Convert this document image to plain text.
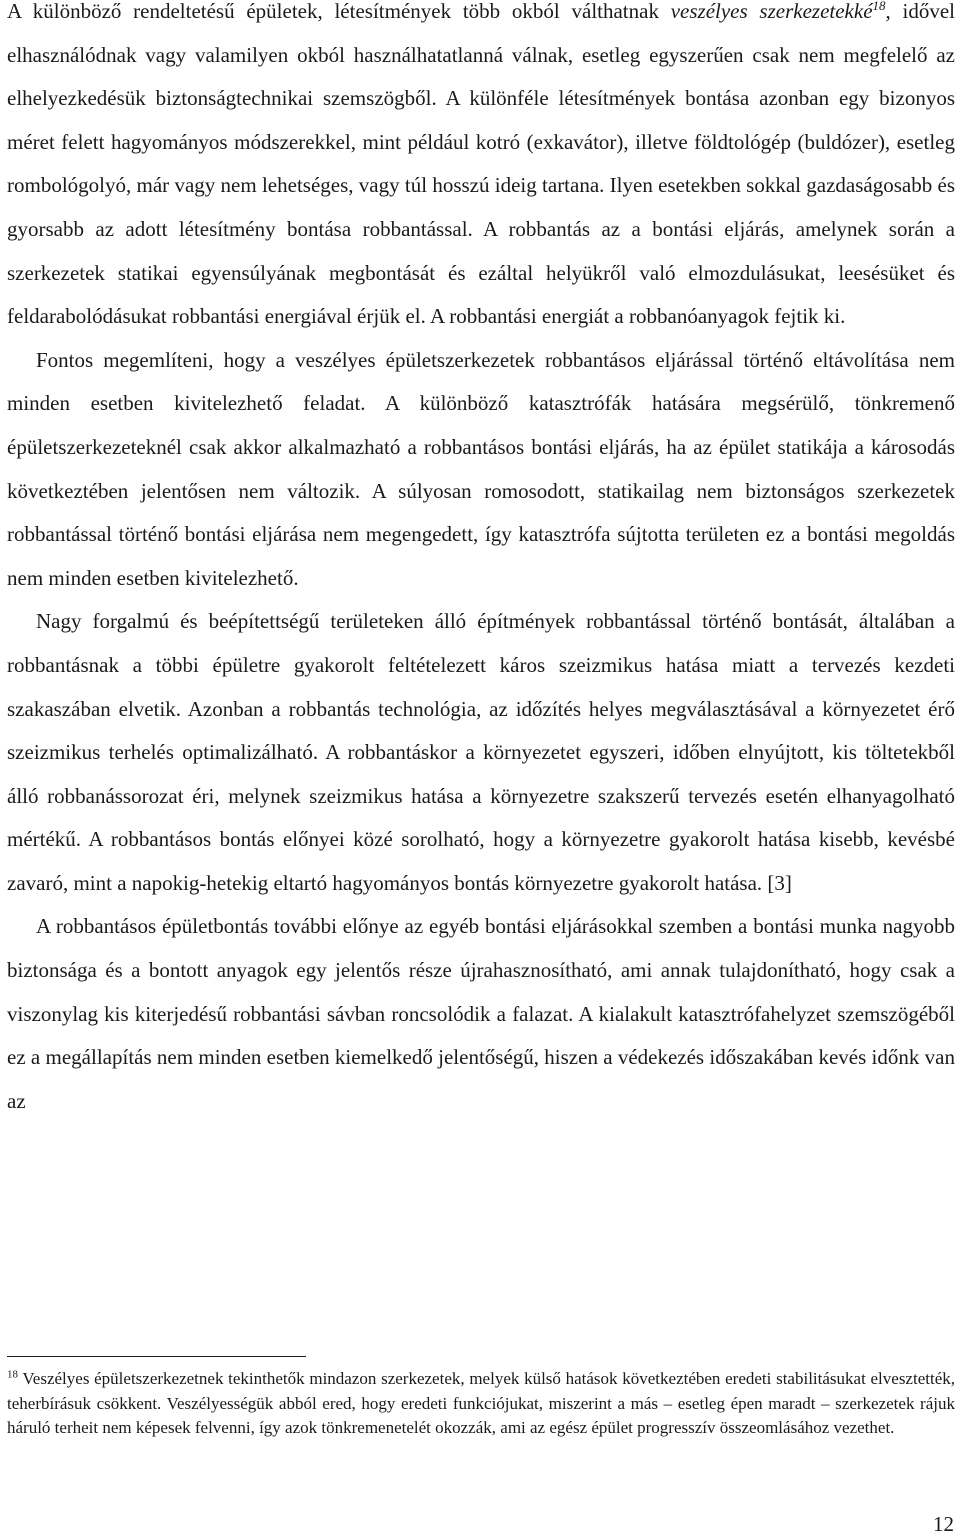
A különböző rendeltetésű épületek, létesítmények több okból válthatnak veszélyes szerkezetekké$^{18}$, idővel elhasználódnak vagy valamilyen okból használhatatlanná válnak, esetleg egyszerűen csak nem megfelelő az elhelyezkedésük biztonságtechnikai szemszögből. A különféle létesítmények bontása azonban egy bizonyos méret felett hagyományos módszerekkel, mint például kotró (exkavátor), illetve földtológép (buldózer), esetleg rombológolyó, már vagy nem lehetséges, vagy túl hosszú ideig tartana. Ilyen esetekben sokkal gazdaságosabb és gyorsabb az adott létesítmény bontása robbantással. A robbantás az a bontási eljárás, amelynek során a szerkezetek statikai egyensúlyának megbontását és ezáltal helyükről való elmozdulásukat, leesésüket és feldarabolódásukat robbantási energiával érjük el. A robbantási energiát a robbanóanyagok fejtik ki.

Fontos megemlíteni, hogy a veszélyes épületszerkezetek robbantásos eljárással történő eltávolítása nem minden esetben kivitelezhető feladat. A különböző katasztrófák hatására megsérülő, tönkremenő épületszerkezeteknél csak akkor alkalmazható a robbantásos bontási eljárás, ha az épület statikája a károsodás következtében jelentősen nem változik. A súlyosan romosodott, statikailag nem biztonságos szerkezetek robbantással történő bontási eljárása nem megengedett, így katasztrófa sújtotta területen ez a bontási megoldás nem minden esetben kivitelezhető.

Nagy forgalmú és beépítettségű területeken álló építmények robbantással történő bontását, általában a robbantásnak a többi épületre gyakorolt feltételezett káros szeizmikus hatása miatt a tervezés kezdeti szakaszában elvetik. Azonban a robbantás technológia, az időzítés helyes megválasztásával a környezetet érő szeizmikus terhelés optimalizálható. A robbantáskor a környezetet egyszeri, időben elnyújtott, kis töltetekből álló robbanássorozat éri, melynek szeizmikus hatása a környezetre szakszerű tervezés esetén elhanyagolható mértékű. A robbantásos bontás előnyei közé sorolható, hogy a környezetre gyakorolt hatása kisebb, kevésbé zavaró, mint a napokig-hetekig eltartó hagyományos bontás környezetre gyakorolt hatása. [3]

A robbantásos épületbontás további előnye az egyéb bontási eljárásokkal szemben a bontási munka nagyobb biztonsága és a bontott anyagok egy jelentős része újrahasznosítható, ami annak tulajdonítható, hogy csak a viszonylag kis kiterjedésű robbantási sávban roncsolódik a falazat. A kialakult katasztrófahelyzet szemszögéből ez a megállapítás nem minden esetben kiemelkedő jelentőségű, hiszen a védekezés időszakában kevés időnk van az

$^{18}$ Veszélyes épületszerkezetnek tekinthetők mindazon szerkezetek, melyek külső hatások következtében eredeti stabilitásukat elvesztették, teherbírásuk csökkent. Veszélyességük abból ered, hogy eredeti funkciójukat, miszerint a más – esetleg épen maradt – szerkezetek rájuk háruló terheit nem képesek felvenni, így azok tönkremenetelét okozzák, ami az egész épület progresszív összeomlásához vezethet.
12
